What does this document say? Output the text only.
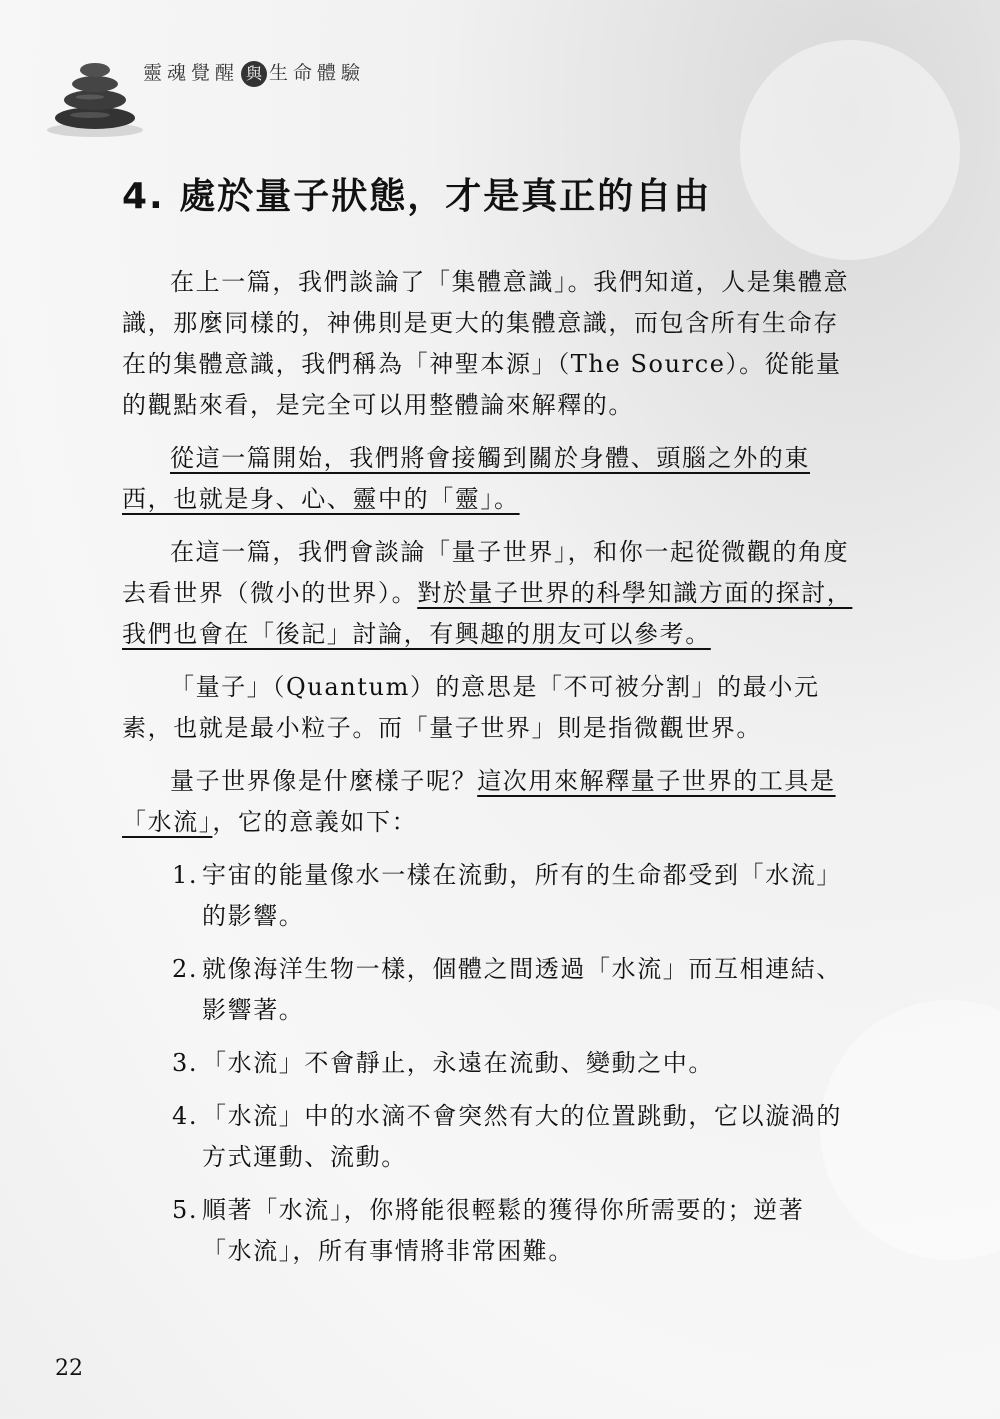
靈魂覺醒 與 生命體驗
4. 處於量子狀態，才是真正的自由

在上一篇，我們談論了「集體意識」。我們知道，人是集體意識，那麼同樣的，神佛則是更大的集體意識，而包含所有生命存在的集體意識，我們稱為「神聖本源」（The Source）。從能量的觀點來看，是完全可以用整體論來解釋的。

從這一篇開始，我們將會接觸到關於身體、頭腦之外的東西，也就是身、心、靈中的「靈」。

在這一篇，我們會談論「量子世界」，和你一起從微觀的角度去看世界（微小的世界）。對於量子世界的科學知識方面的探討，我們也會在「後記」討論，有興趣的朋友可以參考。

「量子」（Quantum）的意思是「不可被分割」的最小元素，也就是最小粒子。而「量子世界」則是指微觀世界。

量子世界像是什麼樣子呢？這次用來解釋量子世界的工具是「水流」，它的意義如下：

1. 宇宙的能量像水一樣在流動，所有的生命都受到「水流」的影響。
2. 就像海洋生物一樣，個體之間透過「水流」而互相連結、影響著。
3. 「水流」不會靜止，永遠在流動、變動之中。
4. 「水流」中的水滴不會突然有大的位置跳動，它以漩渦的方式運動、流動。
5. 順著「水流」，你將能很輕鬆的獲得你所需要的；逆著「水流」，所有事情將非常困難。
22
